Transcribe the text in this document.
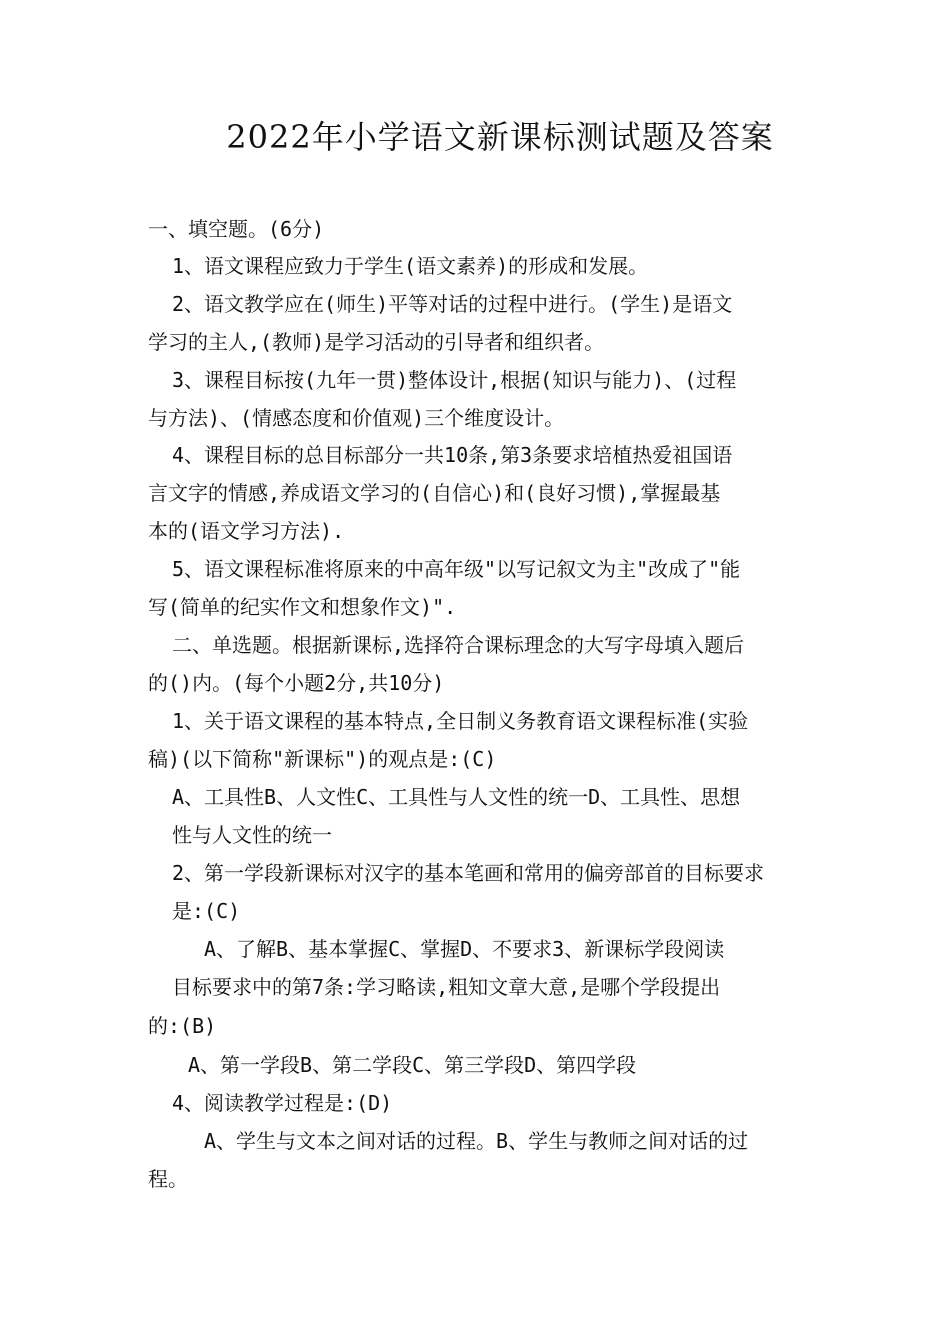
2022年小学语文新课标测试题及答案
一、填空题。(6分)
1、语文课程应致力于学生(语文素养)的形成和发展。
2、语文教学应在(师生)平等对话的过程中进行。(学生)是语文
学习的主人,(教师)是学习活动的引导者和组织者。
3、课程目标按(九年一贯)整体设计,根据(知识与能力)、(过程
与方法)、(情感态度和价值观)三个维度设计。
4、课程目标的总目标部分一共10条,第3条要求培植热爱祖国语
言文字的情感,养成语文学习的(自信心)和(良好习惯),掌握最基
本的(语文学习方法).
5、语文课程标准将原来的中高年级"以写记叙文为主"改成了"能
写(简单的纪实作文和想象作文)".
二、单选题。根据新课标,选择符合课标理念的大写字母填入题后
的()内。(每个小题2分,共10分)
1、关于语文课程的基本特点,全日制义务教育语文课程标准(实验
稿)(以下简称"新课标")的观点是:(C)
A、工具性B、人文性C、工具性与人文性的统一D、工具性、思想
性与人文性的统一
2、第一学段新课标对汉字的基本笔画和常用的偏旁部首的目标要求
是:(C)
A、了解B、基本掌握C、掌握D、不要求3、新课标学段阅读
目标要求中的第7条:学习略读,粗知文章大意,是哪个学段提出
的:(B)
A、第一学段B、第二学段C、第三学段D、第四学段
4、阅读教学过程是:(D)
A、学生与文本之间对话的过程。B、学生与教师之间对话的过
程。
